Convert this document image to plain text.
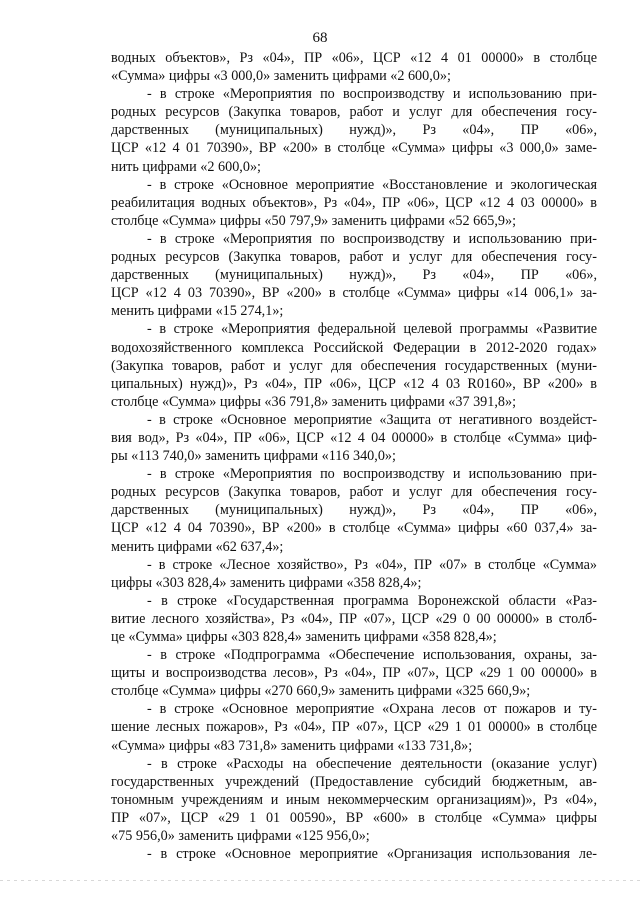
68
водных объектов», Рз «04», ПР «06», ЦСР «12 4 01 00000» в столбце
«Сумма» цифры «3 000,0» заменить цифрами «2 600,0»;
- в строке «Мероприятия по воспроизводству и использованию при-
родных ресурсов (Закупка товаров, работ и услуг для обеспечения госу-
дарственных (муниципальных) нужд)», Рз «04», ПР «06»,
ЦСР «12 4 01 70390», ВР «200» в столбце «Сумма» цифры «3 000,0» заме-
нить цифрами «2 600,0»;
- в строке «Основное мероприятие «Восстановление и экологическая
реабилитация водных объектов», Рз «04», ПР «06», ЦСР «12 4 03 00000» в
столбце «Сумма» цифры «50 797,9» заменить цифрами «52 665,9»;
- в строке «Мероприятия по воспроизводству и использованию при-
родных ресурсов (Закупка товаров, работ и услуг для обеспечения госу-
дарственных (муниципальных) нужд)», Рз «04», ПР «06»,
ЦСР «12 4 03 70390», ВР «200» в столбце «Сумма» цифры «14 006,1» за-
менить цифрами «15 274,1»;
- в строке «Мероприятия федеральной целевой программы «Развитие
водохозяйственного комплекса Российской Федерации в 2012-2020 годах»
(Закупка товаров, работ и услуг для обеспечения государственных (муни-
ципальных) нужд)», Рз «04», ПР «06», ЦСР «12 4 03 R0160», ВР «200» в
столбце «Сумма» цифры «36 791,8» заменить цифрами «37 391,8»;
- в строке «Основное мероприятие «Защита от негативного воздейст-
вия вод», Рз «04», ПР «06», ЦСР «12 4 04 00000» в столбце «Сумма» циф-
ры «113 740,0» заменить цифрами «116 340,0»;
- в строке «Мероприятия по воспроизводству и использованию при-
родных ресурсов (Закупка товаров, работ и услуг для обеспечения госу-
дарственных (муниципальных) нужд)», Рз «04», ПР «06»,
ЦСР «12 4 04 70390», ВР «200» в столбце «Сумма» цифры «60 037,4» за-
менить цифрами «62 637,4»;
- в строке «Лесное хозяйство», Рз «04», ПР «07» в столбце «Сумма»
цифры «303 828,4» заменить цифрами «358 828,4»;
- в строке «Государственная программа Воронежской области «Раз-
витие лесного хозяйства», Рз «04», ПР «07», ЦСР «29 0 00 00000» в столб-
це «Сумма» цифры «303 828,4» заменить цифрами «358 828,4»;
- в строке «Подпрограмма «Обеспечение использования, охраны, за-
щиты и воспроизводства лесов», Рз «04», ПР «07», ЦСР «29 1 00 00000» в
столбце «Сумма» цифры «270 660,9» заменить цифрами «325 660,9»;
- в строке «Основное мероприятие «Охрана лесов от пожаров и ту-
шение лесных пожаров», Рз «04», ПР «07», ЦСР «29 1 01 00000» в столбце
«Сумма» цифры «83 731,8» заменить цифрами «133 731,8»;
- в строке «Расходы на обеспечение деятельности (оказание услуг)
государственных учреждений (Предоставление субсидий бюджетным, ав-
тономным учреждениям и иным некоммерческим организациям)», Рз «04»,
ПР «07», ЦСР «29 1 01 00590», ВР «600» в столбце «Сумма» цифры
«75 956,0» заменить цифрами «125 956,0»;
- в строке «Основное мероприятие «Организация использования ле-
